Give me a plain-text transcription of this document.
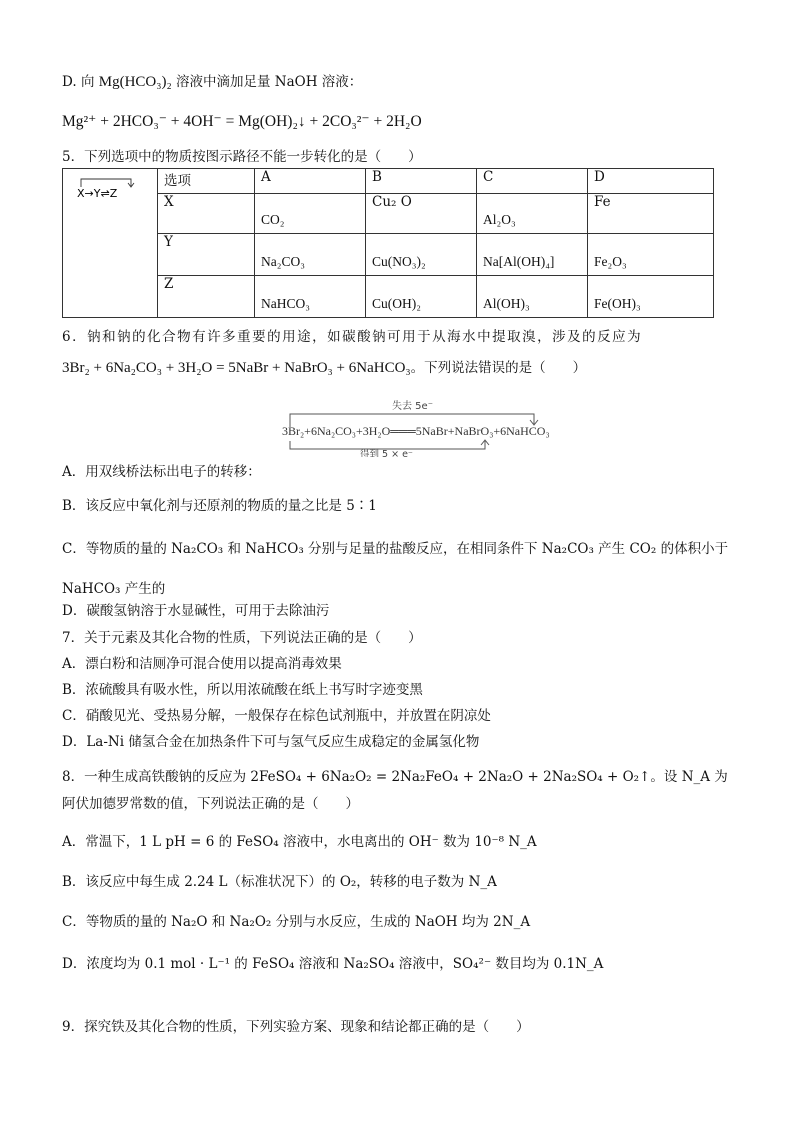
D. 向 Mg(HCO₃)₂ 溶液中滴加足量 NaOH 溶液：
Mg²⁺ + 2HCO₃⁻ + 4OH⁻ = Mg(OH)₂↓ + 2CO₃²⁻ + 2H₂O
5．下列选项中的物质按图示路径不能一步转化的是（　　）
X→Y⇌Z	选项	A	B	C	D
	X	CO₂	Cu₂ O	Al₂O₃	Fe
	Y	Na₂CO₃	Cu(NO₃)₂	Na[Al(OH)₄]	Fe₂O₃
	Z	NaHCO₃	Cu(OH)₂	Al(OH)₃	Fe(OH)₃
6．钠和钠的化合物有许多重要的用途，如碳酸钠可用于从海水中提取溴，涉及的反应为
3Br₂ + 6Na₂CO₃ + 3H₂O = 5NaBr + NaBrO₃ + 6NaHCO₃。下列说法错误的是（　　）
失去 5e⁻
3Br₂+6Na₂CO₃+3H₂O═══5NaBr+NaBrO₃+6NaHCO₃
得到 5 × e⁻
A．用双线桥法标出电子的转移：
B．该反应中氧化剂与还原剂的物质的量之比是 5∶1
C．等物质的量的 Na₂CO₃ 和 NaHCO₃ 分别与足量的盐酸反应，在相同条件下 Na₂CO₃ 产生 CO₂ 的体积小于 NaHCO₃ 产生的
D．碳酸氢钠溶于水显碱性，可用于去除油污
7．关于元素及其化合物的性质，下列说法正确的是（　　）
A．漂白粉和洁厕净可混合使用以提高消毒效果
B．浓硫酸具有吸水性，所以用浓硫酸在纸上书写时字迹变黑
C．硝酸见光、受热易分解，一般保存在棕色试剂瓶中，并放置在阴凉处
D．La-Ni 储氢合金在加热条件下可与氢气反应生成稳定的金属氢化物
8．一种生成高铁酸钠的反应为 2FeSO₄ + 6Na₂O₂ = 2Na₂FeO₄ + 2Na₂O + 2Na₂SO₄ + O₂↑。设 N_A 为阿伏加德罗常数的值，下列说法正确的是（　　）
A．常温下，1 L pH = 6 的 FeSO₄ 溶液中，水电离出的 OH⁻ 数为 10⁻⁸ N_A
B．该反应中每生成 2.24 L（标准状况下）的 O₂，转移的电子数为 N_A
C．等物质的量的 Na₂O 和 Na₂O₂ 分别与水反应，生成的 NaOH 均为 2N_A
D．浓度均为 0.1 mol · L⁻¹ 的 FeSO₄ 溶液和 Na₂SO₄ 溶液中，SO₄²⁻ 数目均为 0.1N_A
9．探究铁及其化合物的性质，下列实验方案、现象和结论都正确的是（　　）
